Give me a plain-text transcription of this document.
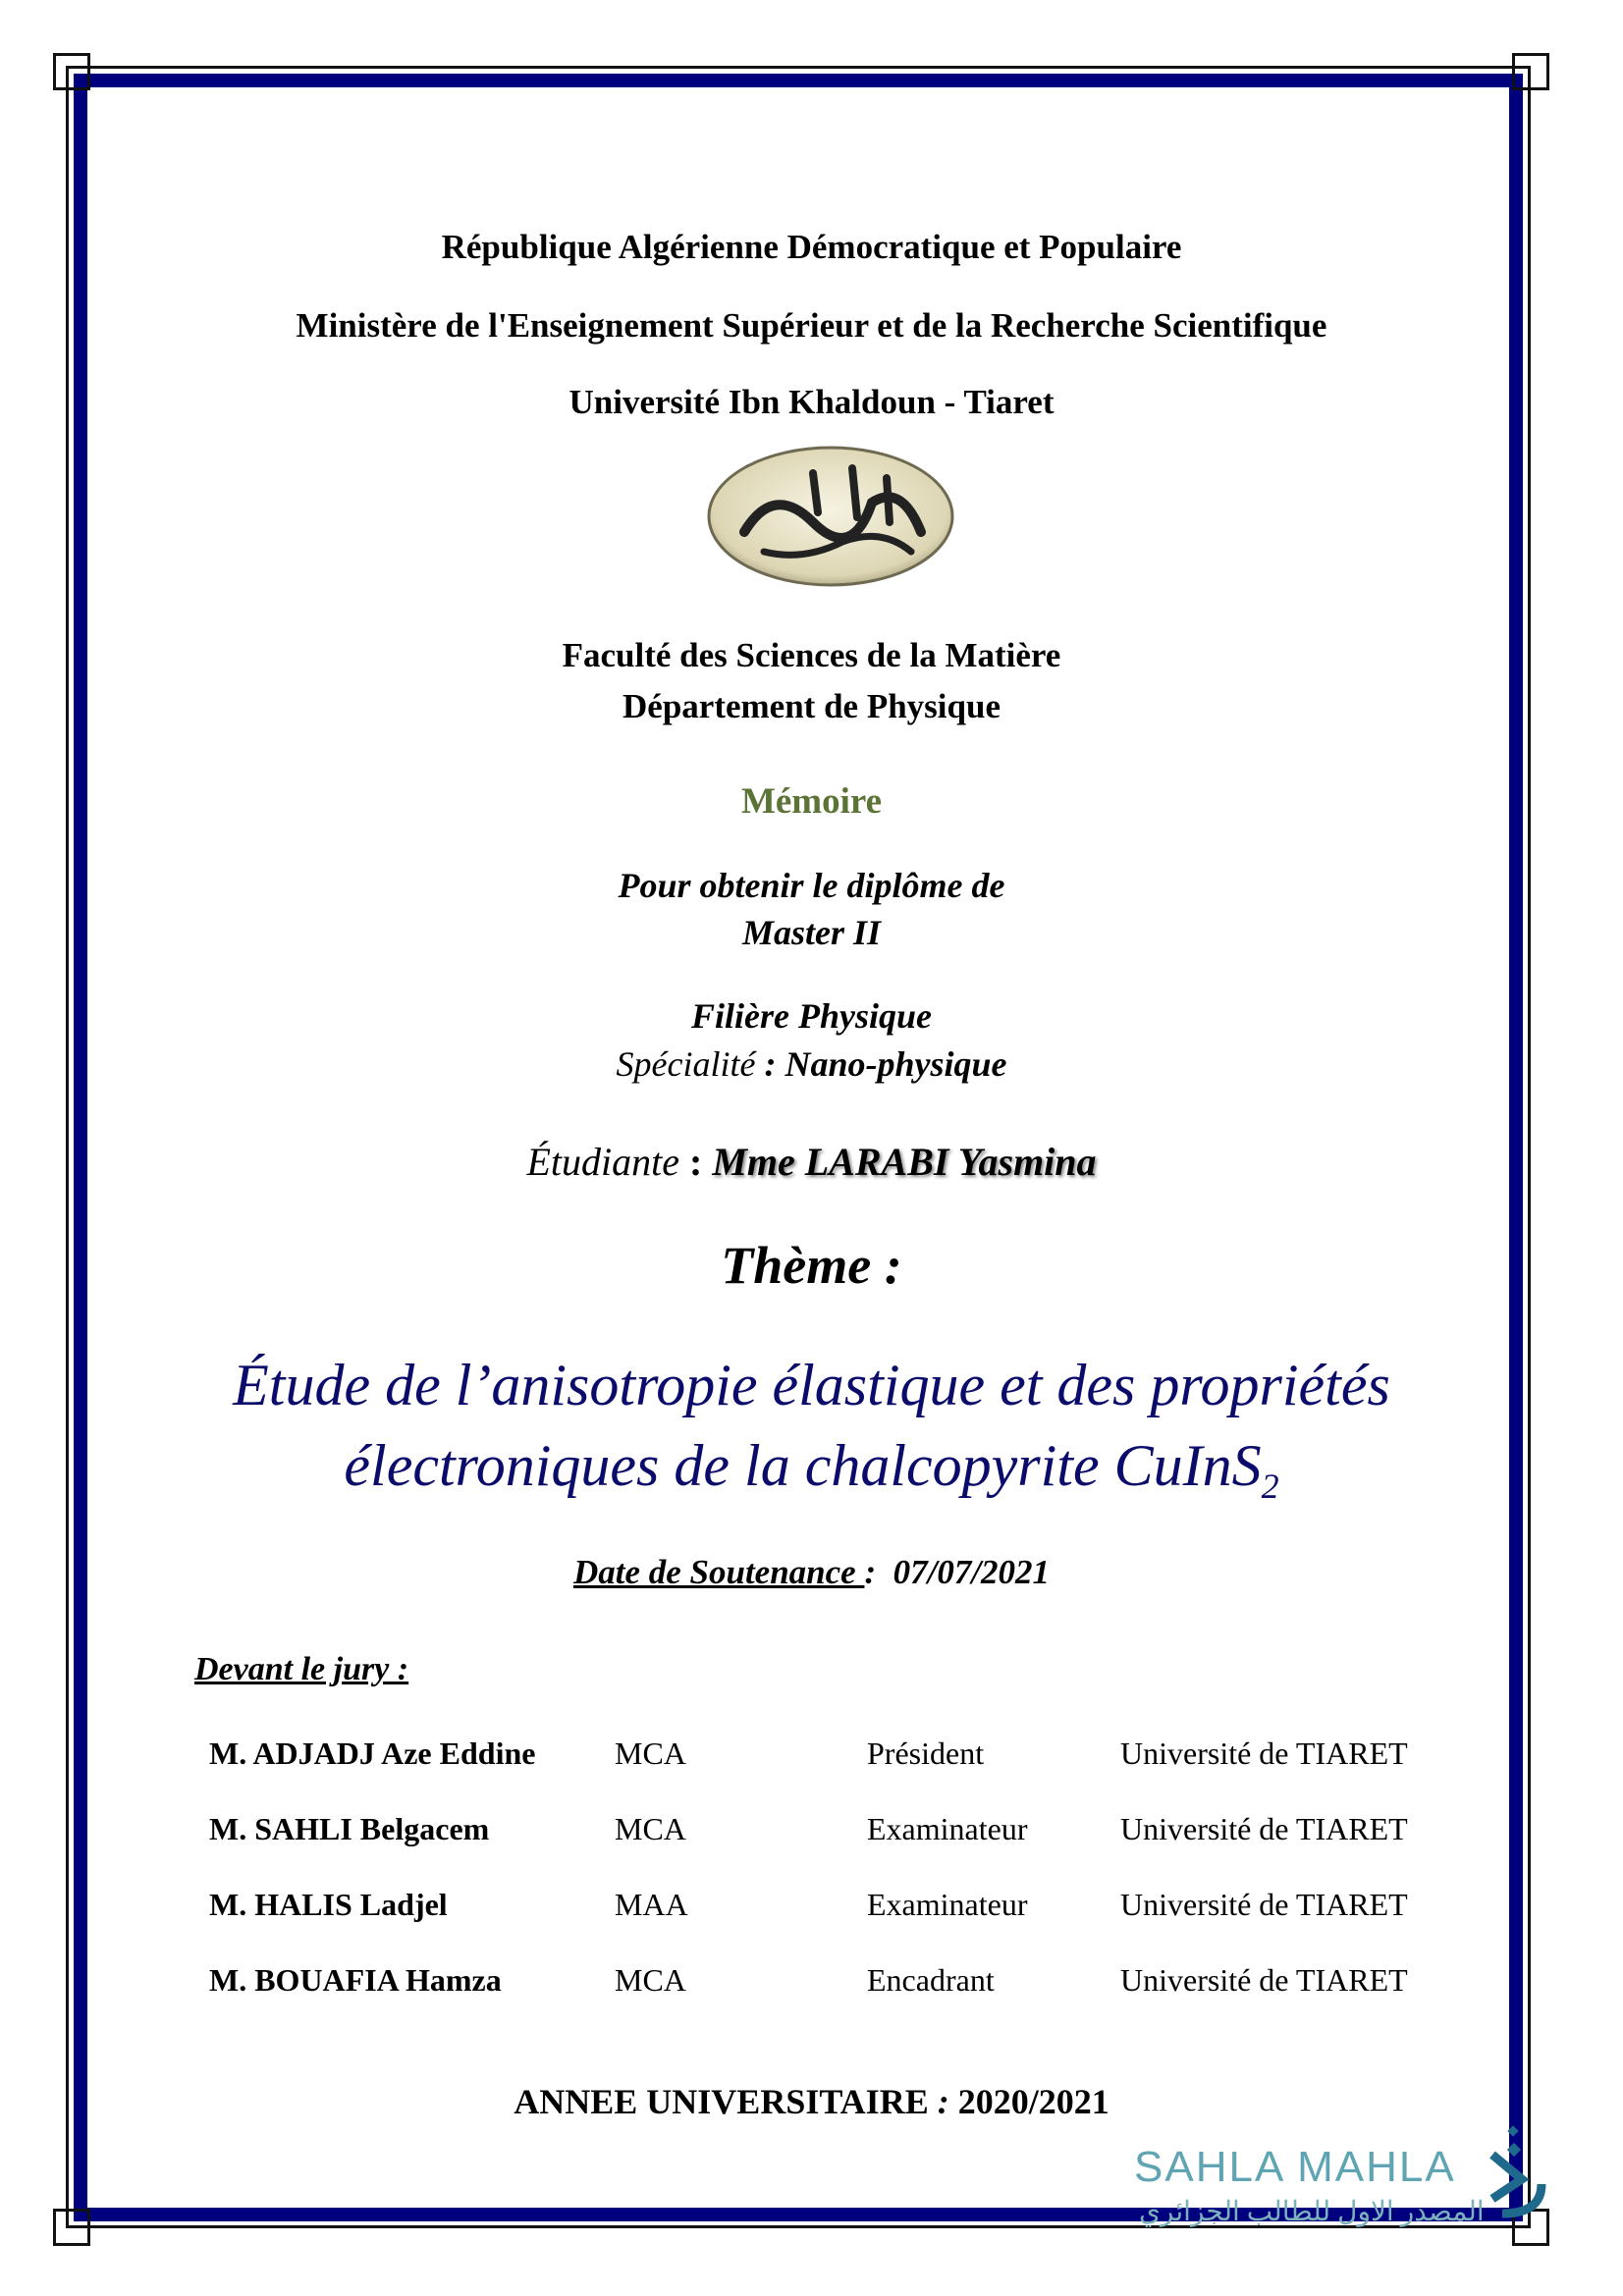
République Algérienne Démocratique et Populaire
Ministère de l'Enseignement Supérieur et de la Recherche Scientifique
Université Ibn Khaldoun - Tiaret
Faculté des Sciences de la Matière
Département de Physique
Mémoire
Pour obtenir le diplôme de
Master II
Filière Physique
Spécialité : Nano-physique
Étudiante : Mme LARABI Yasmina
Thème :
Étude de l’anisotropie élastique et des propriétés
électroniques de la chalcopyrite CuInS$_2$
Date de Soutenance :  07/07/2021
Devant le jury :
M. ADJADJ Aze Eddine	MCA	Président	Université de TIARET
M. SAHLI Belgacem	MCA	Examinateur	Université de TIARET
M. HALIS Ladjel	MAA	Examinateur	Université de TIARET
M. BOUAFIA Hamza	MCA	Encadrant	Université de TIARET
ANNEE UNIVERSITAIRE : 2020/2021
SAHLA MAHLA
المصدر الاول للطالب الجزائري
